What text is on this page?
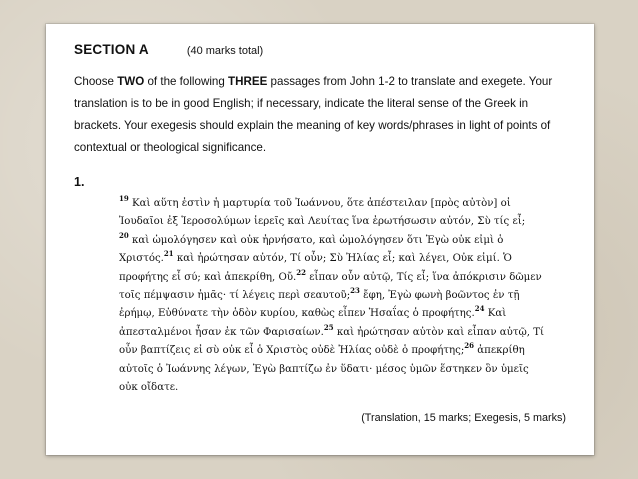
SECTION A	(40 marks total)
Choose TWO of the following THREE passages from John 1-2 to translate and exegete. Your
translation is to be in good English; if necessary, indicate the literal sense of the Greek in
brackets. Your exegesis should explain the meaning of key words/phrases in light of points of
contextual or theological significance.
1.
$^{19}$ Καὶ αὕτη ἐστὶν ἡ μαρτυρία τοῦ Ἰωάννου, ὅτε ἀπέστειλαν [πρὸς αὐτὸν] οἱ
Ἰουδαῖοι ἐξ Ἱεροσολύμων ἱερεῖς καὶ Λευίτας ἵνα ἐρωτήσωσιν αὐτόν, Σὺ τίς εἶ;
$^{20}$ καὶ ὡμολόγησεν καὶ οὐκ ἠρνήσατο, καὶ ὡμολόγησεν ὅτι Ἐγὼ οὐκ εἰμὶ ὁ
Χριστός.$^{21}$ καὶ ἠρώτησαν αὐτόν, Τί οὖν; Σὺ Ἠλίας εἶ; καὶ λέγει, Οὐκ εἰμί. Ὁ
προφήτης εἶ σύ; καὶ ἀπεκρίθη, Οὔ.$^{22}$ εἶπαν οὖν αὐτῷ, Τίς εἶ; ἵνα ἀπόκρισιν δῶμεν
τοῖς πέμψασιν ἡμᾶς· τί λέγεις περὶ σεαυτοῦ;$^{23}$ ἔφη, Ἐγὼ φωνὴ βοῶντος ἐν τῇ
ἐρήμῳ, Εὐθύνατε τὴν ὁδὸν κυρίου, καθὼς εἶπεν Ἠσαΐας ὁ προφήτης.$^{24}$ Καὶ
ἀπεσταλμένοι ἦσαν ἐκ τῶν Φαρισαίων.$^{25}$ καὶ ἠρώτησαν αὐτὸν καὶ εἶπαν αὐτῷ, Τί
οὖν βαπτίζεις εἰ σὺ οὐκ εἶ ὁ Χριστὸς οὐδὲ Ἠλίας οὐδὲ ὁ προφήτης;$^{26}$ ἀπεκρίθη
αὐτοῖς ὁ Ἰωάννης λέγων, Ἐγὼ βαπτίζω ἐν ὕδατι· μέσος ὑμῶν ἕστηκεν ὃν ὑμεῖς
οὐκ οἴδατε.
(Translation, 15 marks; Exegesis, 5 marks)
